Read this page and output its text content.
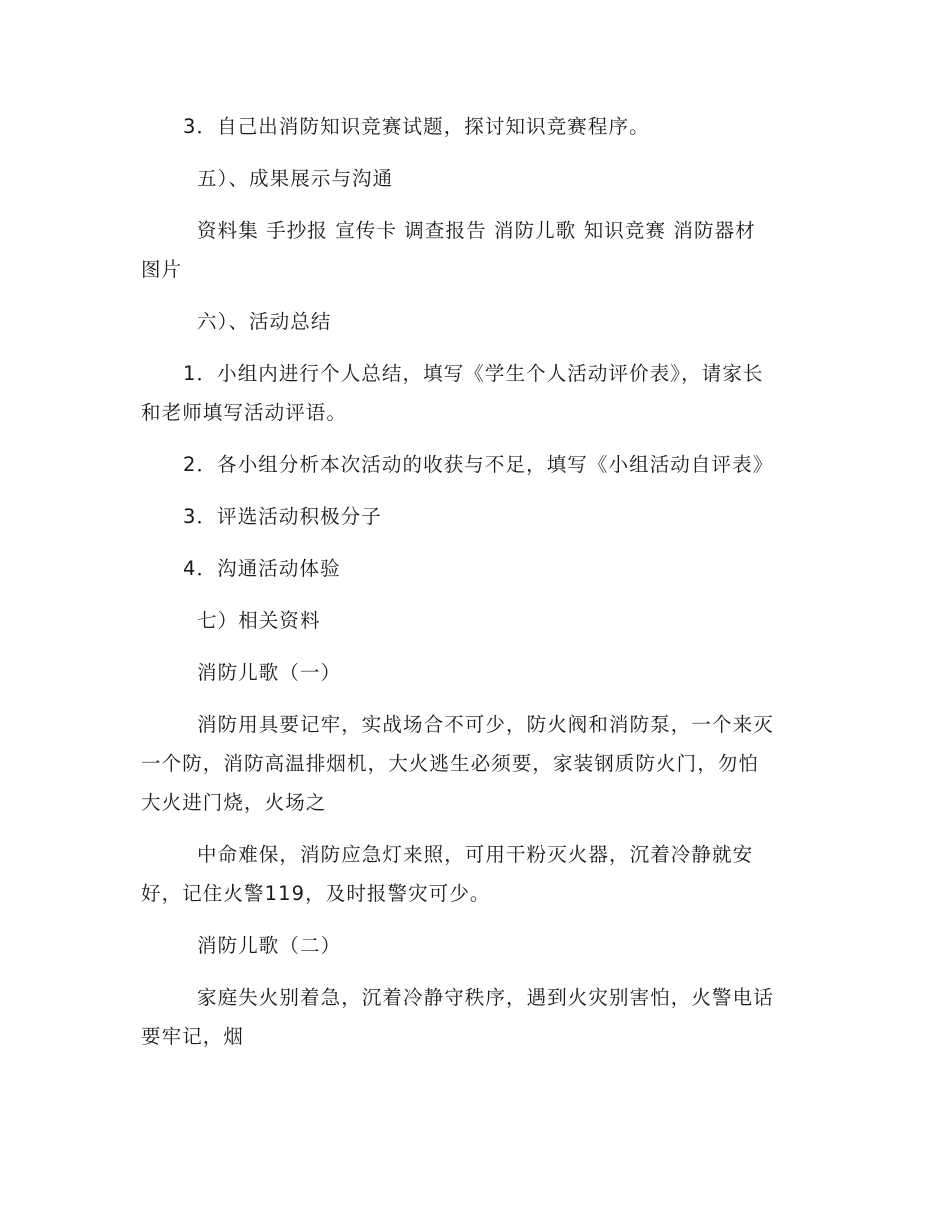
3．自己出消防知识竞赛试题，探讨知识竞赛程序。
五）、成果展示与沟通
资料集 手抄报 宣传卡 调查报告 消防儿歌 知识竞赛 消防器材
图片
六）、活动总结
1．小组内进行个人总结，填写《学生个人活动评价表》，请家长
和老师填写活动评语。
2．各小组分析本次活动的收获与不足，填写《小组活动自评表》
3．评选活动积极分子
4．沟通活动体验
七）相关资料
消防儿歌（一）
消防用具要记牢，实战场合不可少，防火阀和消防泵，一个来灭
一个防，消防高温排烟机，大火逃生必须要，家装钢质防火门，勿怕
大火进门烧，火场之
中命难保，消防应急灯来照，可用干粉灭火器，沉着冷静就安
好，记住火警119，及时报警灾可少。
消防儿歌（二）
家庭失火别着急，沉着冷静守秩序，遇到火灾别害怕，火警电话
要牢记，烟
